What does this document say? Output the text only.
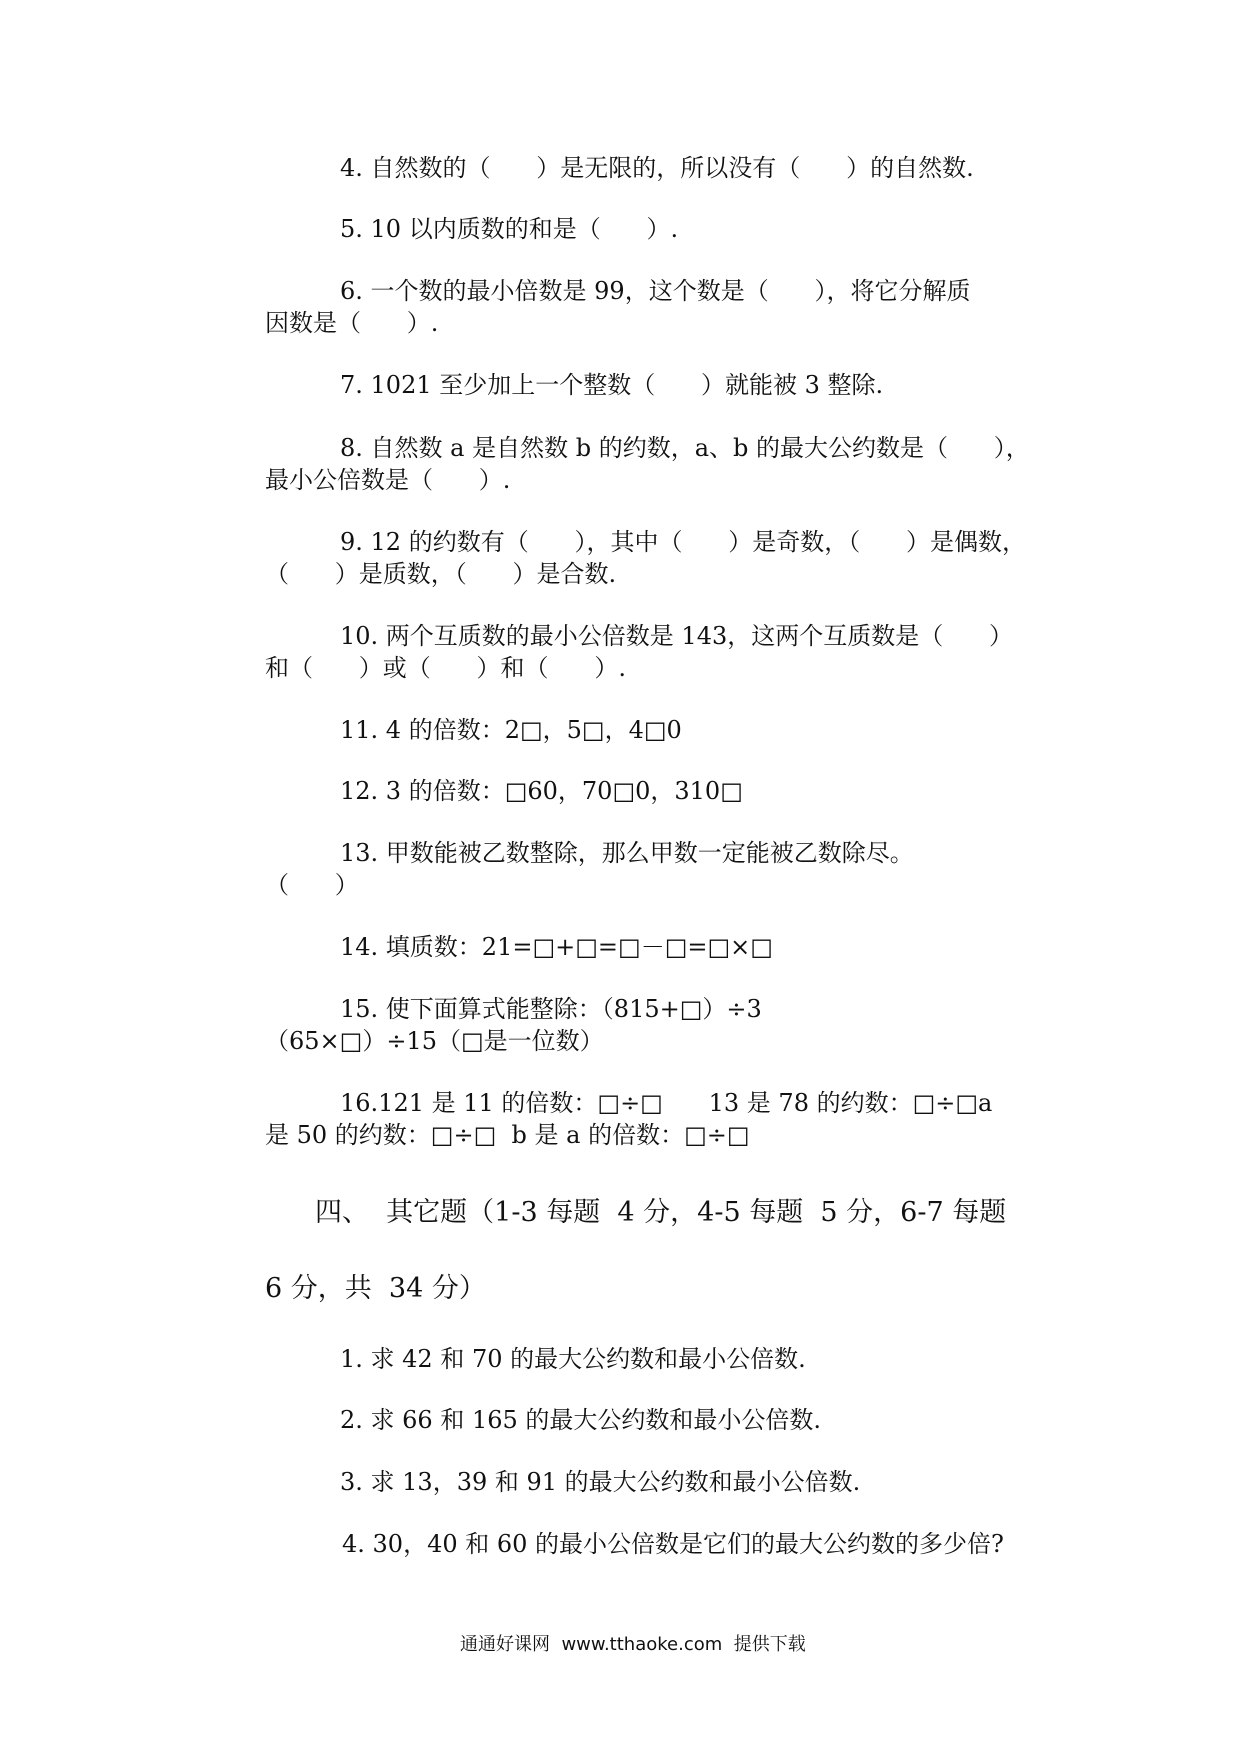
4. 自然数的（      ）是无限的，所以没有（      ）的自然数.
5. 10 以内质数的和是（      ）.
6. 一个数的最小倍数是 99，这个数是（      ），将它分解质
因数是（      ）.
7. 1021 至少加上一个整数（      ）就能被 3 整除.
8. 自然数 a 是自然数 b 的约数，a、b 的最大公约数是（      ），
最小公倍数是（      ）.
9. 12 的约数有（      ），其中（      ）是奇数，（      ）是偶数，
（      ）是质数，（      ）是合数.
10. 两个互质数的最小公倍数是 143，这两个互质数是（      ）
和（      ）或（      ）和（      ）.
11. 4 的倍数：2□，5□，4□0
12. 3 的倍数：□60，70□0，310□
13. 甲数能被乙数整除，那么甲数一定能被乙数除尽。
（      ）
14. 填质数：21=□+□=□－□=□×□
15. 使下面算式能整除：（815+□）÷3
（65×□）÷15（□是一位数）
16.121 是 11 的倍数：□÷□      13 是 78 的约数：□÷□a
是 50 的约数：□÷□  b 是 a 的倍数：□÷□
四、  其它题（1-3 每题  4 分，4-5 每题  5 分，6-7 每题
6 分，共  34 分）
1. 求 42 和 70 的最大公约数和最小公倍数.
2. 求 66 和 165 的最大公约数和最小公倍数.
3. 求 13，39 和 91 的最大公约数和最小公倍数.
4. 30，40 和 60 的最小公倍数是它们的最大公约数的多少倍?
通通好课网  www.tthaoke.com  提供下载
